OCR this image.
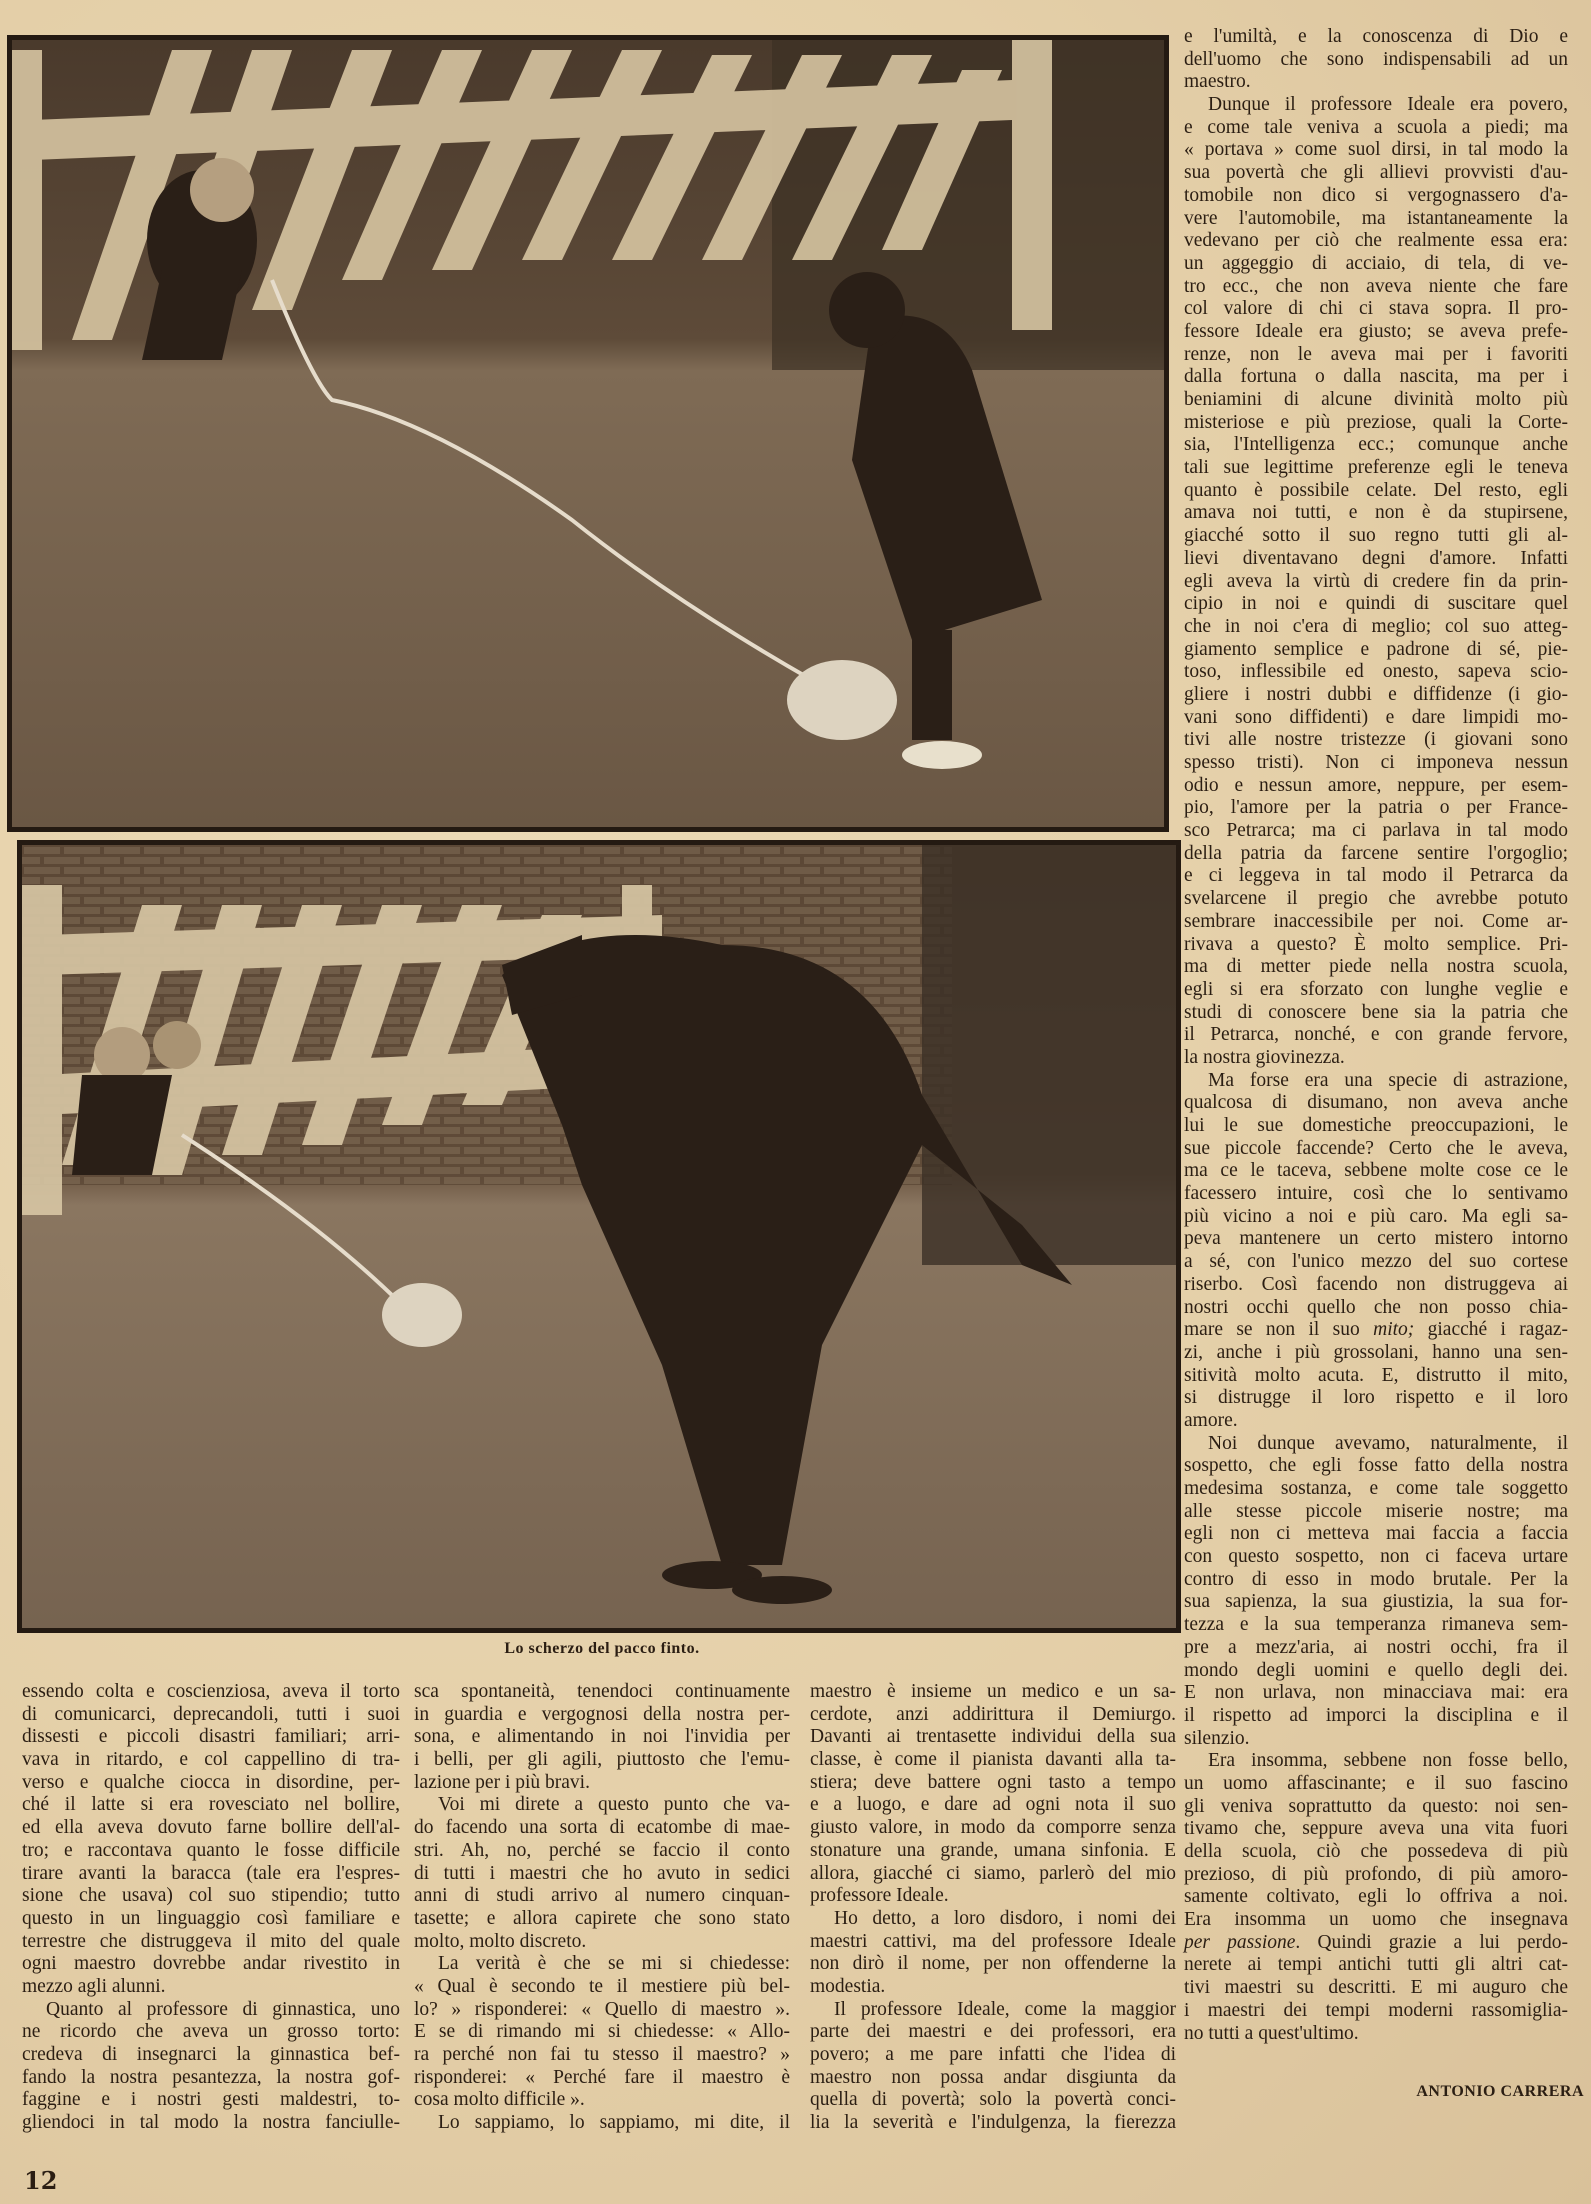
Lo scherzo del pacco finto.
essendo colta e coscienziosa, aveva il torto
di comunicarci, deprecandoli, tutti i suoi
dissesti e piccoli disastri familiari; arri-
vava in ritardo, e col cappellino di tra-
verso e qualche ciocca in disordine, per-
ché il latte si era rovesciato nel bollire,
ed ella aveva dovuto farne bollire dell'al-
tro; e raccontava quanto le fosse difficile
tirare avanti la baracca (tale era l'espres-
sione che usava) col suo stipendio; tutto
questo in un linguaggio così familiare e
terrestre che distruggeva il mito del quale
ogni maestro dovrebbe andar rivestito in
mezzo agli alunni.
Quanto al professore di ginnastica, uno
ne ricordo che aveva un grosso torto:
credeva di insegnarci la ginnastica bef-
fando la nostra pesantezza, la nostra gof-
faggine e i nostri gesti maldestri, to-
gliendoci in tal modo la nostra fanciulle-
sca spontaneità, tenendoci continuamente
in guardia e vergognosi della nostra per-
sona, e alimentando in noi l'invidia per
i belli, per gli agili, piuttosto che l'emu-
lazione per i più bravi.
Voi mi direte a questo punto che va-
do facendo una sorta di ecatombe di mae-
stri. Ah, no, perché se faccio il conto
di tutti i maestri che ho avuto in sedici
anni di studi arrivo al numero cinquan-
tasette; e allora capirete che sono stato
molto, molto discreto.
La verità è che se mi si chiedesse:
« Qual è secondo te il mestiere più bel-
lo? » risponderei: « Quello di maestro ».
E se di rimando mi si chiedesse: « Allo-
ra perché non fai tu stesso il maestro? »
risponderei: « Perché fare il maestro è
cosa molto difficile ».
Lo sappiamo, lo sappiamo, mi dite, il
maestro è insieme un medico e un sa-
cerdote, anzi addirittura il Demiurgo.
Davanti ai trentasette individui della sua
classe, è come il pianista davanti alla ta-
stiera; deve battere ogni tasto a tempo
e a luogo, e dare ad ogni nota il suo
giusto valore, in modo da comporre senza
stonature una grande, umana sinfonia. E
allora, giacché ci siamo, parlerò del mio
professore Ideale.
Ho detto, a loro disdoro, i nomi dei
maestri cattivi, ma del professore Ideale
non dirò il nome, per non offenderne la
modestia.
Il professore Ideale, come la maggior
parte dei maestri e dei professori, era
povero; a me pare infatti che l'idea di
maestro non possa andar disgiunta da
quella di povertà; solo la povertà conci-
lia la severità e l'indulgenza, la fierezza
e l'umiltà, e la conoscenza di Dio e
dell'uomo che sono indispensabili ad un
maestro.
Dunque il professore Ideale era povero,
e come tale veniva a scuola a piedi; ma
« portava » come suol dirsi, in tal modo la
sua povertà che gli allievi provvisti d'au-
tomobile non dico si vergognassero d'a-
vere l'automobile, ma istantaneamente la
vedevano per ciò che realmente essa era:
un aggeggio di acciaio, di tela, di ve-
tro ecc., che non aveva niente che fare
col valore di chi ci stava sopra. Il pro-
fessore Ideale era giusto; se aveva prefe-
renze, non le aveva mai per i favoriti
dalla fortuna o dalla nascita, ma per i
beniamini di alcune divinità molto più
misteriose e più preziose, quali la Corte-
sia, l'Intelligenza ecc.; comunque anche
tali sue legittime preferenze egli le teneva
quanto è possibile celate. Del resto, egli
amava noi tutti, e non è da stupirsene,
giacché sotto il suo regno tutti gli al-
lievi diventavano degni d'amore. Infatti
egli aveva la virtù di credere fin da prin-
cipio in noi e quindi di suscitare quel
che in noi c'era di meglio; col suo atteg-
giamento semplice e padrone di sé, pie-
toso, inflessibile ed onesto, sapeva scio-
gliere i nostri dubbi e diffidenze (i gio-
vani sono diffidenti) e dare limpidi mo-
tivi alle nostre tristezze (i giovani sono
spesso tristi). Non ci imponeva nessun
odio e nessun amore, neppure, per esem-
pio, l'amore per la patria o per France-
sco Petrarca; ma ci parlava in tal modo
della patria da farcene sentire l'orgoglio;
e ci leggeva in tal modo il Petrarca da
svelarcene il pregio che avrebbe potuto
sembrare inaccessibile per noi. Come ar-
rivava a questo? È molto semplice. Pri-
ma di metter piede nella nostra scuola,
egli si era sforzato con lunghe veglie e
studi di conoscere bene sia la patria che
il Petrarca, nonché, e con grande fervore,
la nostra giovinezza.
Ma forse era una specie di astrazione,
qualcosa di disumano, non aveva anche
lui le sue domestiche preoccupazioni, le
sue piccole faccende? Certo che le aveva,
ma ce le taceva, sebbene molte cose ce le
facessero intuire, così che lo sentivamo
più vicino a noi e più caro. Ma egli sa-
peva mantenere un certo mistero intorno
a sé, con l'unico mezzo del suo cortese
riserbo. Così facendo non distruggeva ai
nostri occhi quello che non posso chia-
mare se non il suo mito; giacché i ragaz-
zi, anche i più grossolani, hanno una sen-
sitività molto acuta. E, distrutto il mito,
si distrugge il loro rispetto e il loro
amore.
Noi dunque avevamo, naturalmente, il
sospetto, che egli fosse fatto della nostra
medesima sostanza, e come tale soggetto
alle stesse piccole miserie nostre; ma
egli non ci metteva mai faccia a faccia
con questo sospetto, non ci faceva urtare
contro di esso in modo brutale. Per la
sua sapienza, la sua giustizia, la sua for-
tezza e la sua temperanza rimaneva sem-
pre a mezz'aria, ai nostri occhi, fra il
mondo degli uomini e quello degli dei.
E non urlava, non minacciava mai: era
il rispetto ad imporci la disciplina e il
silenzio.
Era insomma, sebbene non fosse bello,
un uomo affascinante; e il suo fascino
gli veniva soprattutto da questo: noi sen-
tivamo che, seppure aveva una vita fuori
della scuola, ciò che possedeva di più
prezioso, di più profondo, di più amoro-
samente coltivato, egli lo offriva a noi.
Era insomma un uomo che insegnava
per passione. Quindi grazie a lui perdo-
nerete ai tempi antichi tutti gli altri cat-
tivi maestri su descritti. E mi auguro che
i maestri dei tempi moderni rassomiglia-
no tutti a quest'ultimo.
ANTONIO CARRERA
12
